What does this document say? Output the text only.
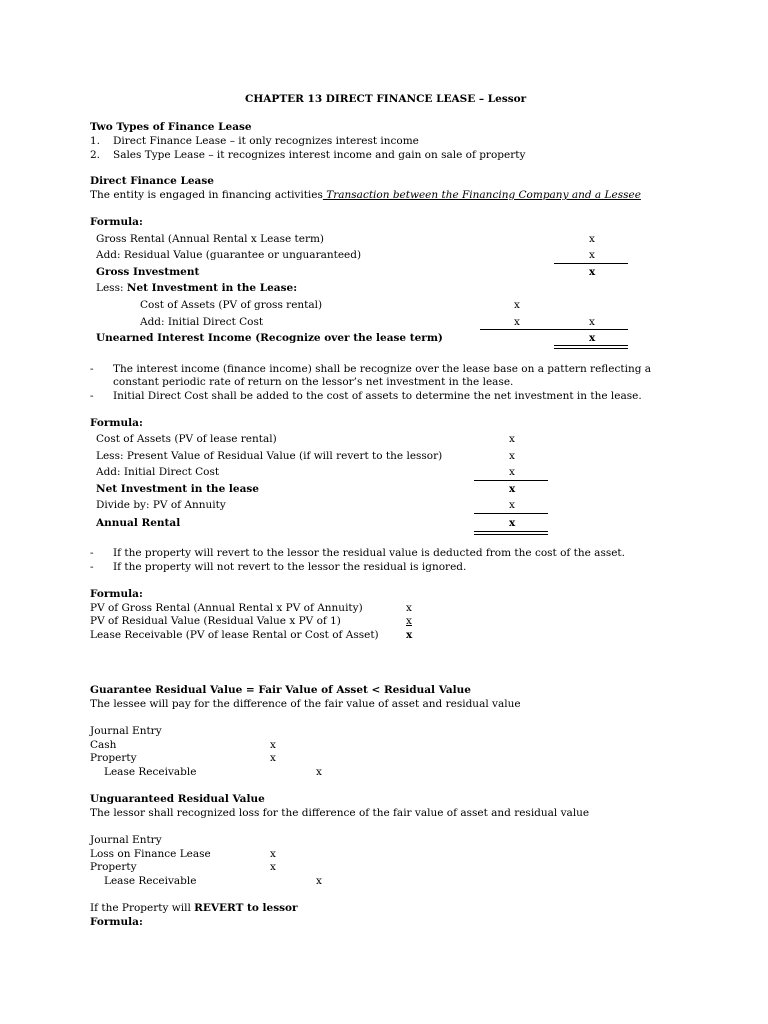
CHAPTER 13 DIRECT FINANCE LEASE – Lessor
Two Types of Finance Lease
1. Direct Finance Lease – it only recognizes interest income
2. Sales Type Lease – it recognizes interest income and gain on sale of property
Direct Finance Lease
The entity is engaged in financing activities Transaction between the Financing Company and a Lessee
Formula:
Gross Rental (Annual Rental x Lease term)	x
Add: Residual Value (guarantee or unguaranteed)	x
Gross Investment	x
Less: Net Investment in the Lease:
Cost of Assets (PV of gross rental)	x
Add: Initial Direct Cost	x	x
Unearned Interest Income (Recognize over the lease term)	x
- The interest income (finance income) shall be recognize over the lease base on a pattern reflecting a
constant periodic rate of return on the lessor’s net investment in the lease.
- Initial Direct Cost shall be added to the cost of assets to determine the net investment in the lease.
Formula:
Cost of Assets (PV of lease rental)	x
Less: Present Value of Residual Value (if will revert to the lessor)	x
Add: Initial Direct Cost	x
Net Investment in the lease	x
Divide by: PV of Annuity	x
Annual Rental	x
- If the property will revert to the lessor the residual value is deducted from the cost of the asset.
- If the property will not revert to the lessor the residual is ignored.
Formula:
PV of Gross Rental (Annual Rental x PV of Annuity)	x
PV of Residual Value (Residual Value x PV of 1)	x
Lease Receivable (PV of lease Rental or Cost of Asset)	x
Guarantee Residual Value = Fair Value of Asset < Residual Value
The lessee will pay for the difference of the fair value of asset and residual value
Journal Entry
Cash	x
Property	x
Lease Receivable	x
Unguaranteed Residual Value
The lessor shall recognized loss for the difference of the fair value of asset and residual value
Journal Entry
Loss on Finance Lease	x
Property	x
Lease Receivable	x
If the Property will REVERT to lessor
Formula:
